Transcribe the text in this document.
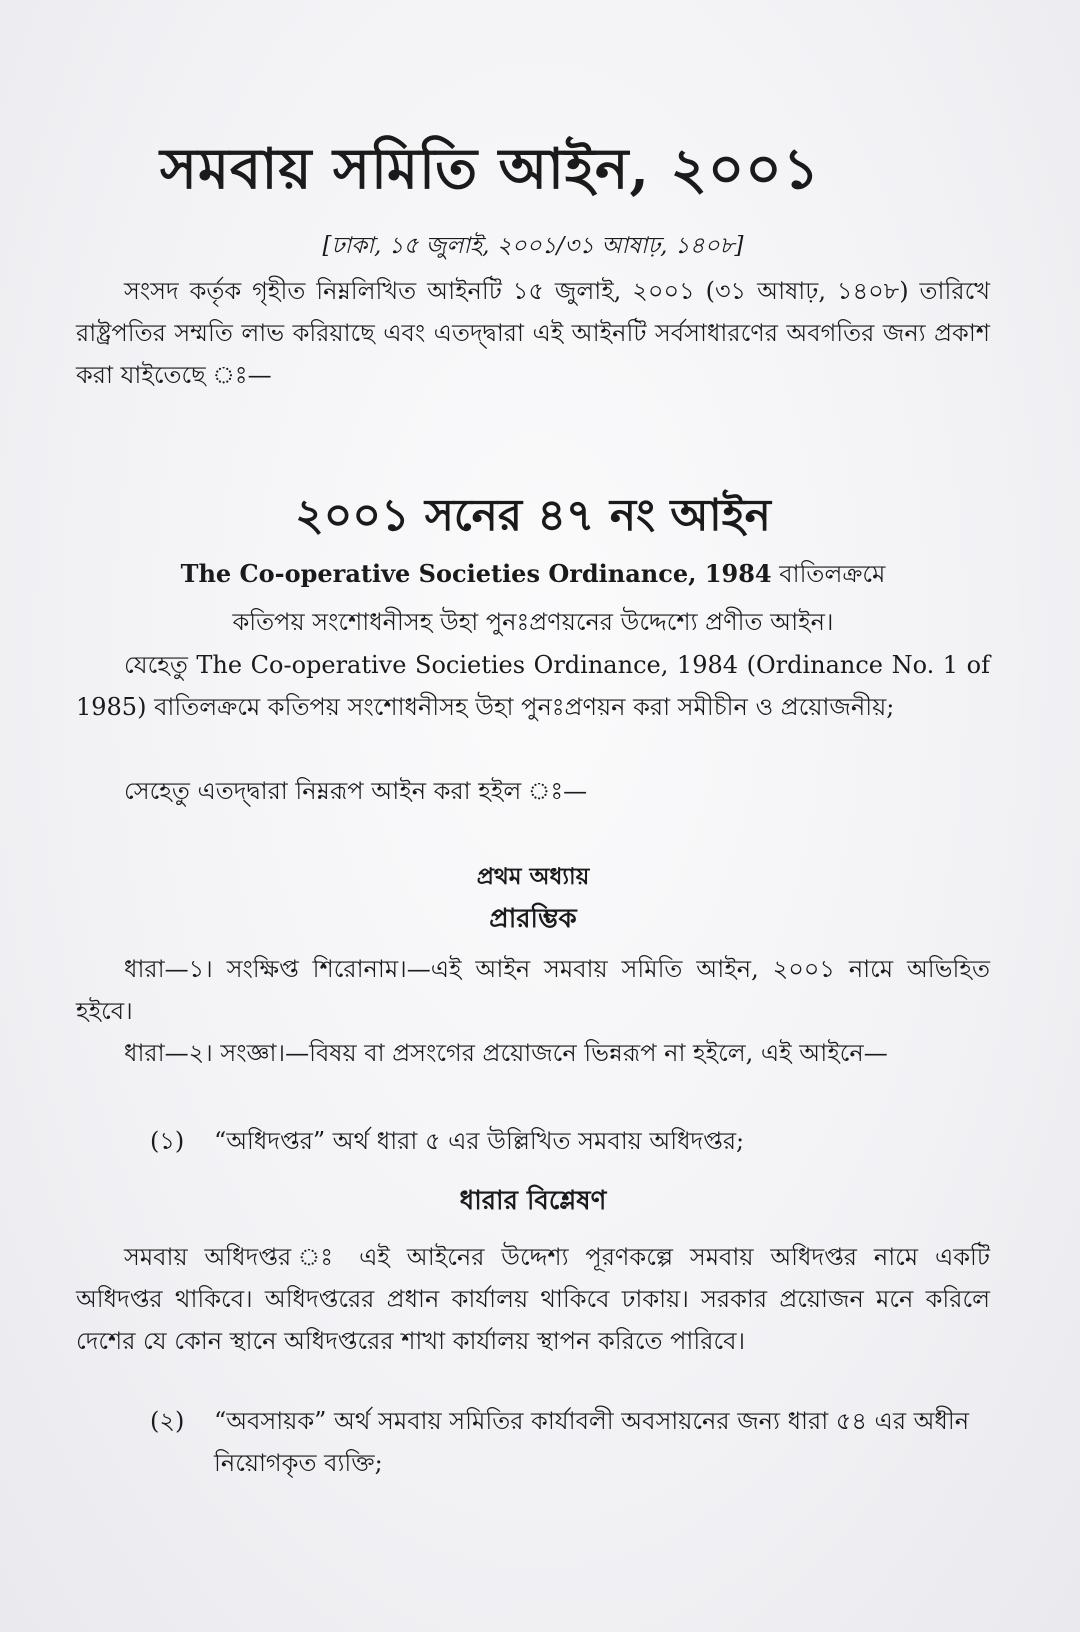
সমবায় সমিতি আইন, ২০০১
[ঢাকা, ১৫ জুলাই, ২০০১/৩১ আষাঢ়, ১৪০৮]
সংসদ কর্তৃক গৃহীত নিম্নলিখিত আইনটি ১৫ জুলাই, ২০০১ (৩১ আষাঢ়, ১৪০৮) তারিখে রাষ্ট্রপতির সম্মতি লাভ করিয়াছে এবং এতদ্দ্বারা এই আইনটি সর্বসাধারণের অবগতির জন্য প্রকাশ করা যাইতেছে ঃ—
২০০১ সনের ৪৭ নং আইন
The Co-operative Societies Ordinance, 1984 বাতিলক্রমে
কতিপয় সংশোধনীসহ উহা পুনঃপ্রণয়নের উদ্দেশ্যে প্রণীত আইন।
যেহেতু The Co-operative Societies Ordinance, 1984 (Ordinance No. 1 of 1985) বাতিলক্রমে কতিপয় সংশোধনীসহ উহা পুনঃপ্রণয়ন করা সমীচীন ও প্রয়োজনীয়;
সেহেতু এতদ্দ্বারা নিম্নরূপ আইন করা হইল ঃ—
প্রথম অধ্যায়
প্রারম্ভিক
ধারা—১। সংক্ষিপ্ত শিরোনাম।—এই আইন সমবায় সমিতি আইন, ২০০১ নামে অভিহিত হইবে।
ধারা—২। সংজ্ঞা।—বিষয় বা প্রসংগের প্রয়োজনে ভিন্নরূপ না হইলে, এই আইনে—
(১) “অধিদপ্তর” অর্থ ধারা ৫ এর উল্লিখিত সমবায় অধিদপ্তর;
ধারার বিশ্লেষণ
সমবায় অধিদপ্তর ঃ এই আইনের উদ্দেশ্য পূরণকল্পে সমবায় অধিদপ্তর নামে একটি অধিদপ্তর থাকিবে। অধিদপ্তরের প্রধান কার্যালয় থাকিবে ঢাকায়। সরকার প্রয়োজন মনে করিলে দেশের যে কোন স্থানে অধিদপ্তরের শাখা কার্যালয় স্থাপন করিতে পারিবে।
(২) “অবসায়ক” অর্থ সমবায় সমিতির কার্যাবলী অবসায়নের জন্য ধারা ৫৪ এর অধীন নিয়োগকৃত ব্যক্তি;
